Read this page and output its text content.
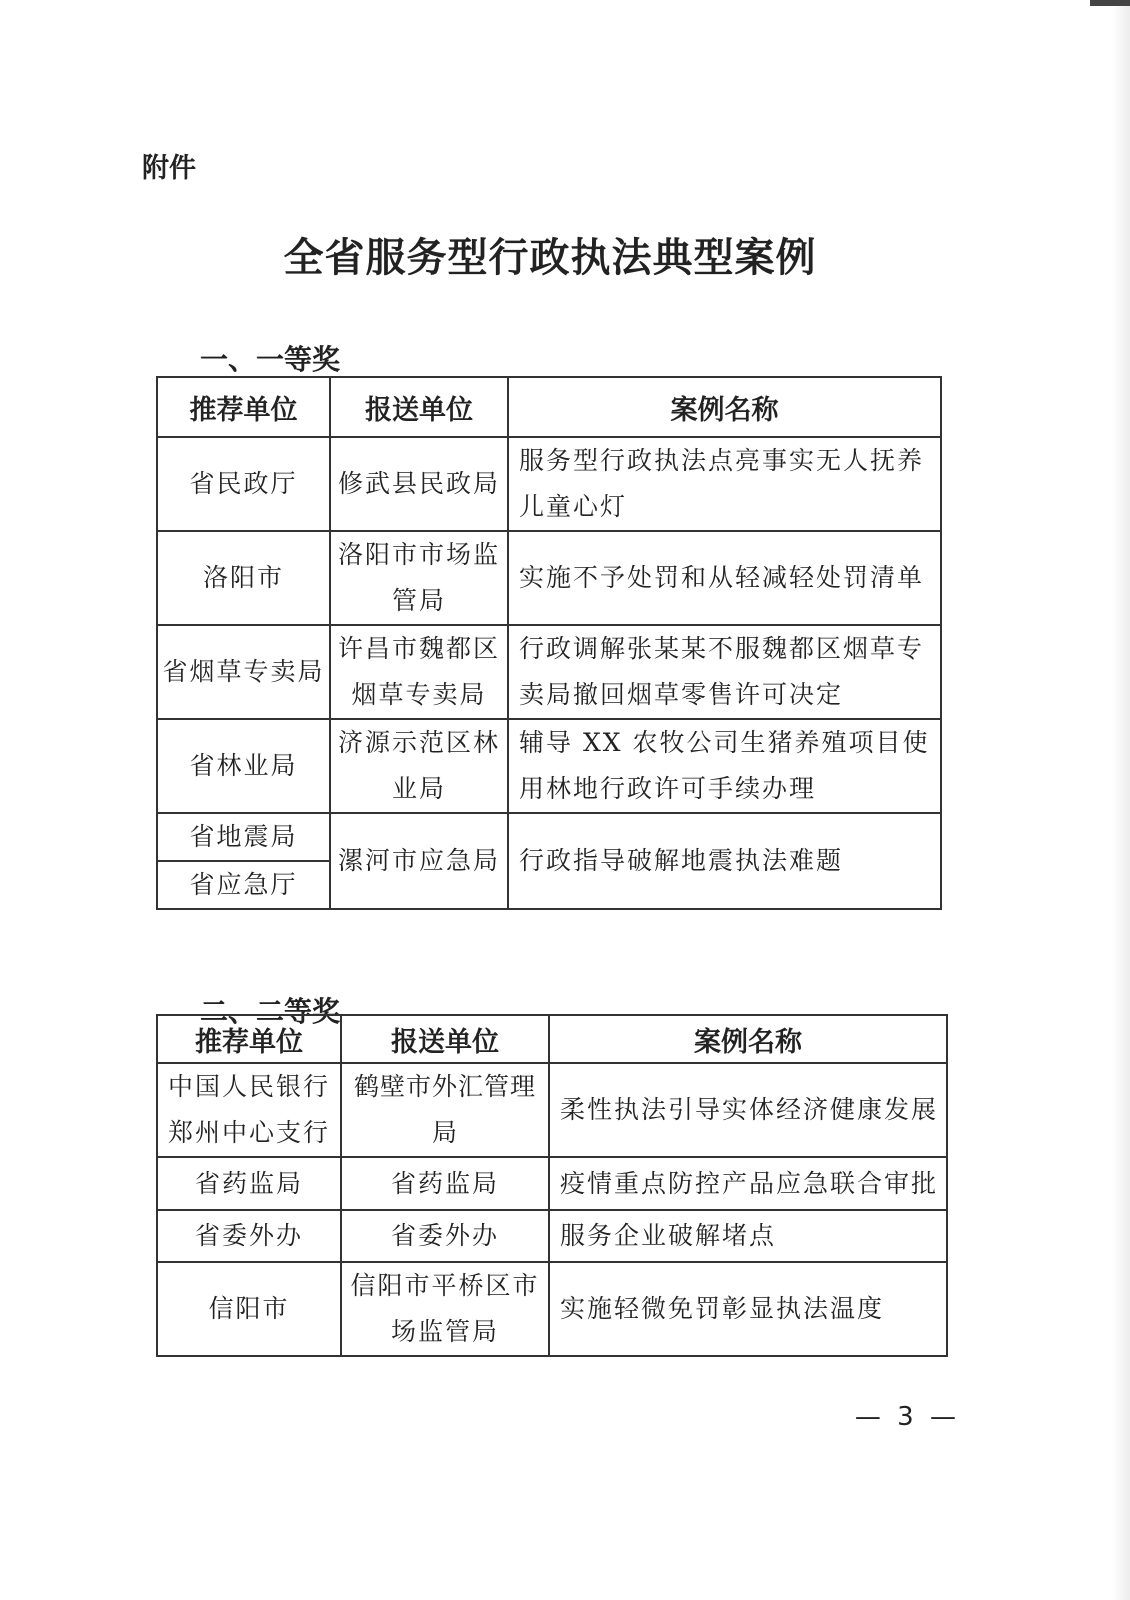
附件
全省服务型行政执法典型案例
一、一等奖
推荐单位	报送单位	案例名称
省民政厅	修武县民政局	服务型行政执法点亮事实无人抚养儿童心灯
洛阳市	洛阳市市场监管局	实施不予处罚和从轻减轻处罚清单
省烟草专卖局	许昌市魏都区烟草专卖局	行政调解张某某不服魏都区烟草专卖局撤回烟草零售许可决定
省林业局	济源示范区林业局	辅导 XX 农牧公司生猪养殖项目使用林地行政许可手续办理
省地震局	漯河市应急局	行政指导破解地震执法难题
省应急厅		
二、二等奖
推荐单位	报送单位	案例名称
中国人民银行郑州中心支行	鹤壁市外汇管理局	柔性执法引导实体经济健康发展
省药监局	省药监局	疫情重点防控产品应急联合审批
省委外办	省委外办	服务企业破解堵点
信阳市	信阳市平桥区市场监管局	实施轻微免罚彰显执法温度
— 3 —
